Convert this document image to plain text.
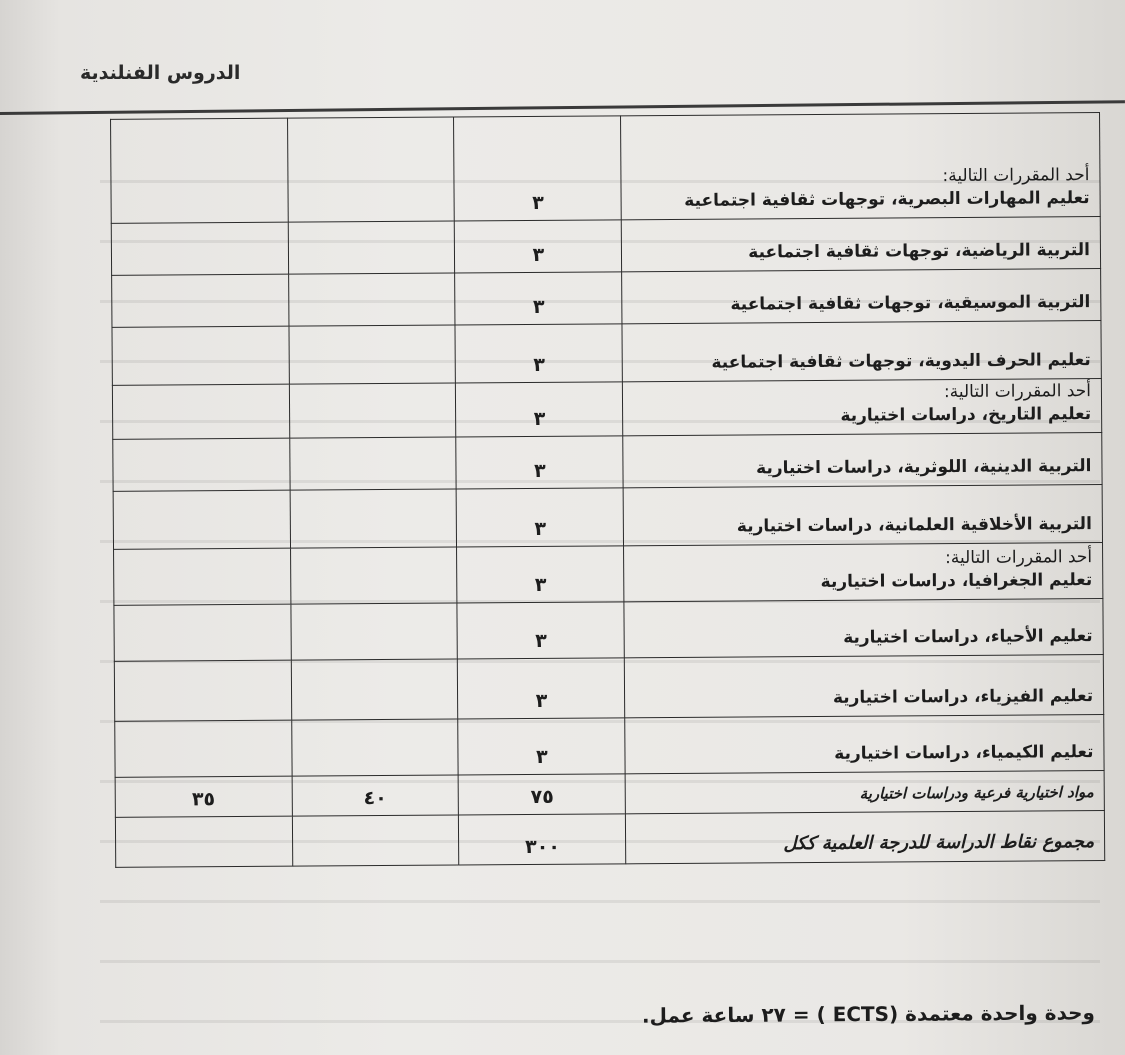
الدروس الفنلندية
أحد المقررات التالية:
تعليم المهارات البصرية، توجهات ثقافية اجتماعية	٣		

التربية الرياضية، توجهات ثقافية اجتماعية	٣		

التربية الموسيقية، توجهات ثقافية اجتماعية	٣		

تعليم الحرف اليدوية، توجهات ثقافية اجتماعية	٣		

أحد المقررات التالية:
تعليم التاريخ، دراسات اختيارية	٣		

التربية الدينية، اللوثرية، دراسات اختيارية	٣		

التربية الأخلاقية العلمانية، دراسات اختيارية	٣		

أحد المقررات التالية:
تعليم الجغرافيا، دراسات اختيارية	٣		

تعليم الأحياء، دراسات اختيارية	٣		

تعليم الفيزياء، دراسات اختيارية	٣		

تعليم الكيمياء، دراسات اختيارية	٣		
مواد اختيارية فرعية ودراسات اختيارية	٧٥	٤٠	٣٥
مجموع نقاط الدراسة للدرجة العلمية ككل	٣٠٠		
وحدة واحدة معتمدة (ECTS ) = ٢٧ ساعة عمل.
